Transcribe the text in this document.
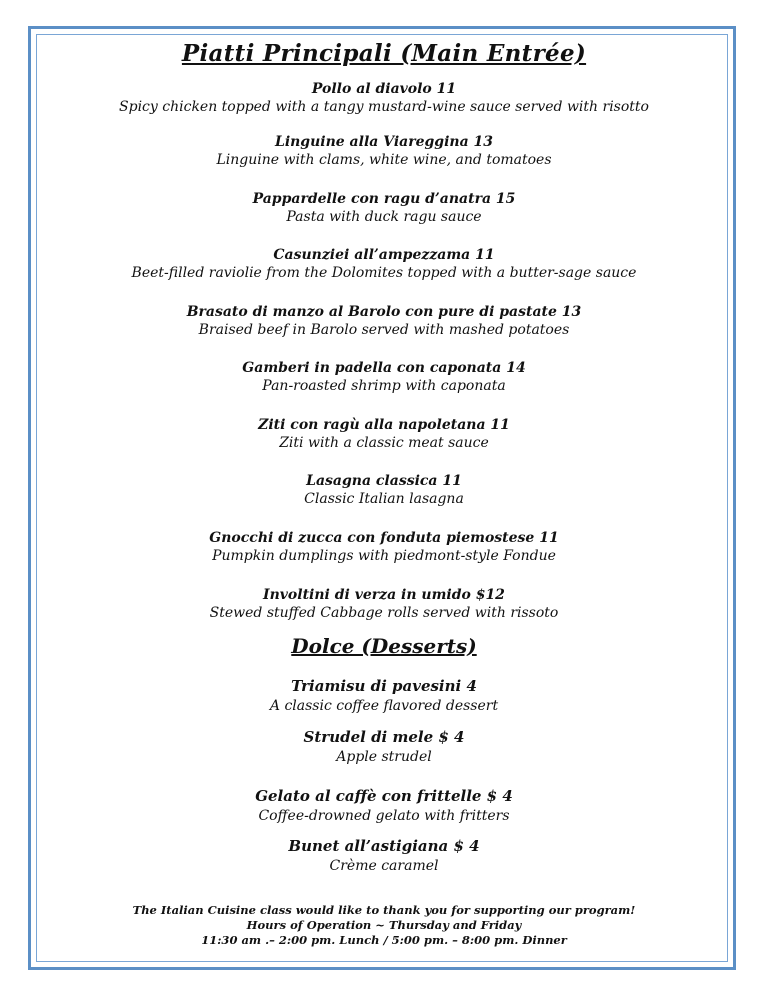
Piatti Principali (Main Entrée)
Pollo al diavolo 11
Spicy chicken topped with a tangy mustard-wine sauce served with risotto
Linguine alla Viareggina 13
Linguine with clams, white wine, and tomatoes
Pappardelle con ragu d’anatra 15
Pasta with duck ragu sauce
Casunziei all’ampezzama 11
Beet-filled raviolie from the Dolomites topped with a butter-sage sauce
Brasato di manzo al Barolo con pure di pastate 13
Braised beef in Barolo served with mashed potatoes
Gamberi in padella con caponata 14
Pan-roasted shrimp with caponata
Ziti con ragù alla napoletana 11
Ziti with a classic meat sauce
Lasagna classica 11
Classic Italian lasagna
Gnocchi di zucca con fonduta piemostese 11
Pumpkin dumplings with piedmont-style Fondue
Involtini di verza in umido $12
Stewed stuffed Cabbage rolls served with rissoto
Dolce (Desserts)
Triamisu di pavesini 4
A classic coffee flavored dessert
Strudel di mele $ 4
Apple strudel
Gelato al caffè con frittelle $ 4
Coffee-drowned gelato with fritters
Bunet all’astigiana $ 4
Crème caramel
The Italian Cuisine class would like to thank you for supporting our program!
Hours of Operation ~ Thursday and Friday
11:30 am .– 2:00 pm. Lunch / 5:00 pm. – 8:00 pm. Dinner
